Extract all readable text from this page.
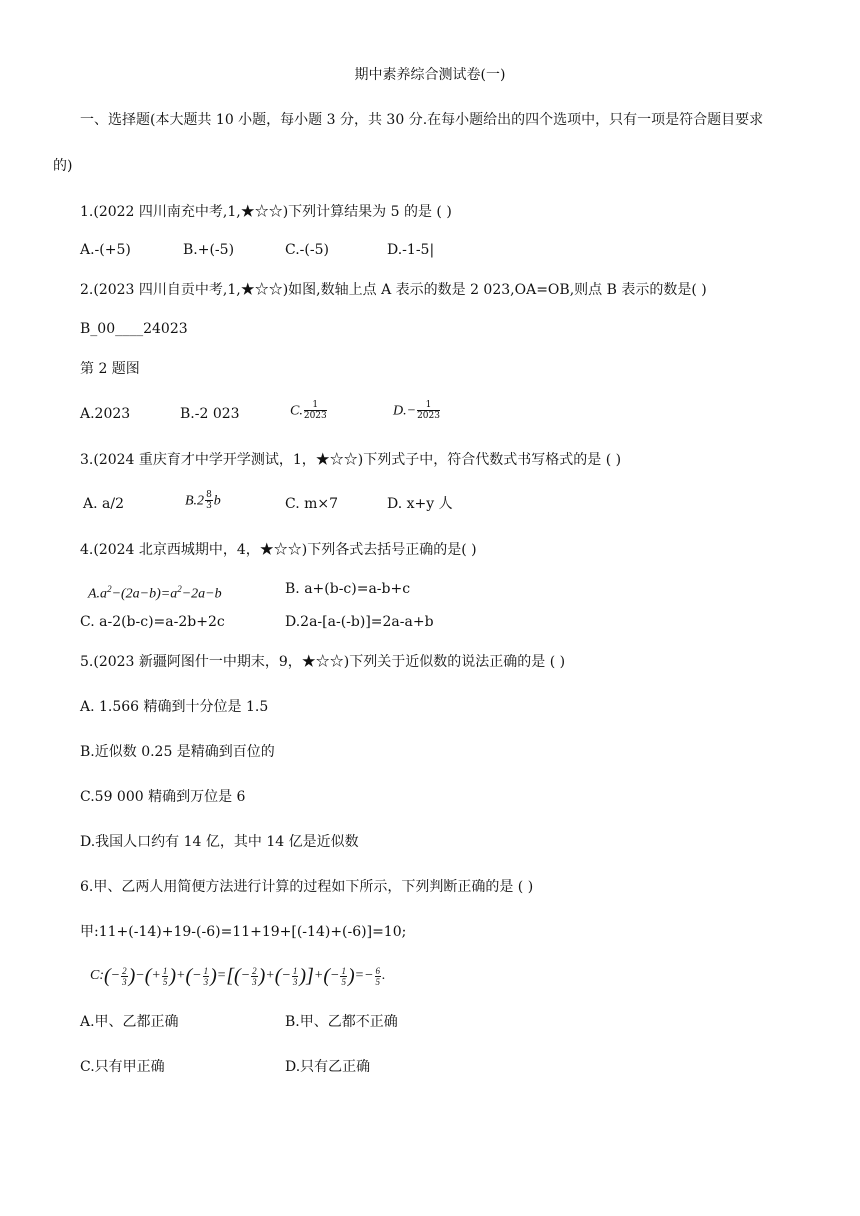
期中素养综合测试卷(一)
一、选择题(本大题共 10 小题，每小题 3 分，共 30 分.在每小题给出的四个选项中，只有一项是符合题目要求
的)
1.(2022 四川南充中考,1,★☆☆)下列计算结果为 5 的是 ( )
A.-(+5)	B.+(-5)	C.-(-5)	D.-1-5|
2.(2023 四川自贡中考,1,★☆☆)如图,数轴上点 A 表示的数是 2 023,OA=OB,则点 B 表示的数是( )
B_00____24023
第 2 题图
A.2023	B.-2 023	C. $\frac{1}{2023}$	$D.- \frac{1}{2023}$
3.(2024 重庆育才中学开学测试，1，★☆☆)下列式子中，符合代数式书写格式的是 ( )
A. a/2	$B.2 \frac{8}{3}$ b	C. m×7	D. x+y 人
4.(2024 北京西城期中，4，★☆☆)下列各式去括号正确的是( )
$A.a^2-(2a-b)=a^2-2a-b$	B. a+(b-c)=a-b+c
C. a-2(b-c)=a-2b+2c	D.2a-[a-(-b)]=2a-a+b
5.(2023 新疆阿图什一中期末，9，★☆☆)下列关于近似数的说法正确的是 ( )
A. 1.566 精确到十分位是 1.5
B.近似数 0.25 是精确到百位的
C.59 000 精确到万位是 6
D.我国人口约有 14 亿，其中 14 亿是近似数
6.甲、乙两人用简便方法进行计算的过程如下所示，下列判断正确的是 ( )
甲:11+(-14)+19-(-6)=11+19+[(-14)+(-6)]=10;
C:(− $\frac{2}{3}$ )−(+ $\frac{1}{5}$ )+(− $\frac{1}{3}$ )=[(− $\frac{2}{3}$ )+(− $\frac{1}{3}$ )]+(− $\frac{1}{5}$ )=− $\frac{6}{5}$ .
A.甲、乙都正确	B.甲、乙都不正确
C.只有甲正确	D.只有乙正确
